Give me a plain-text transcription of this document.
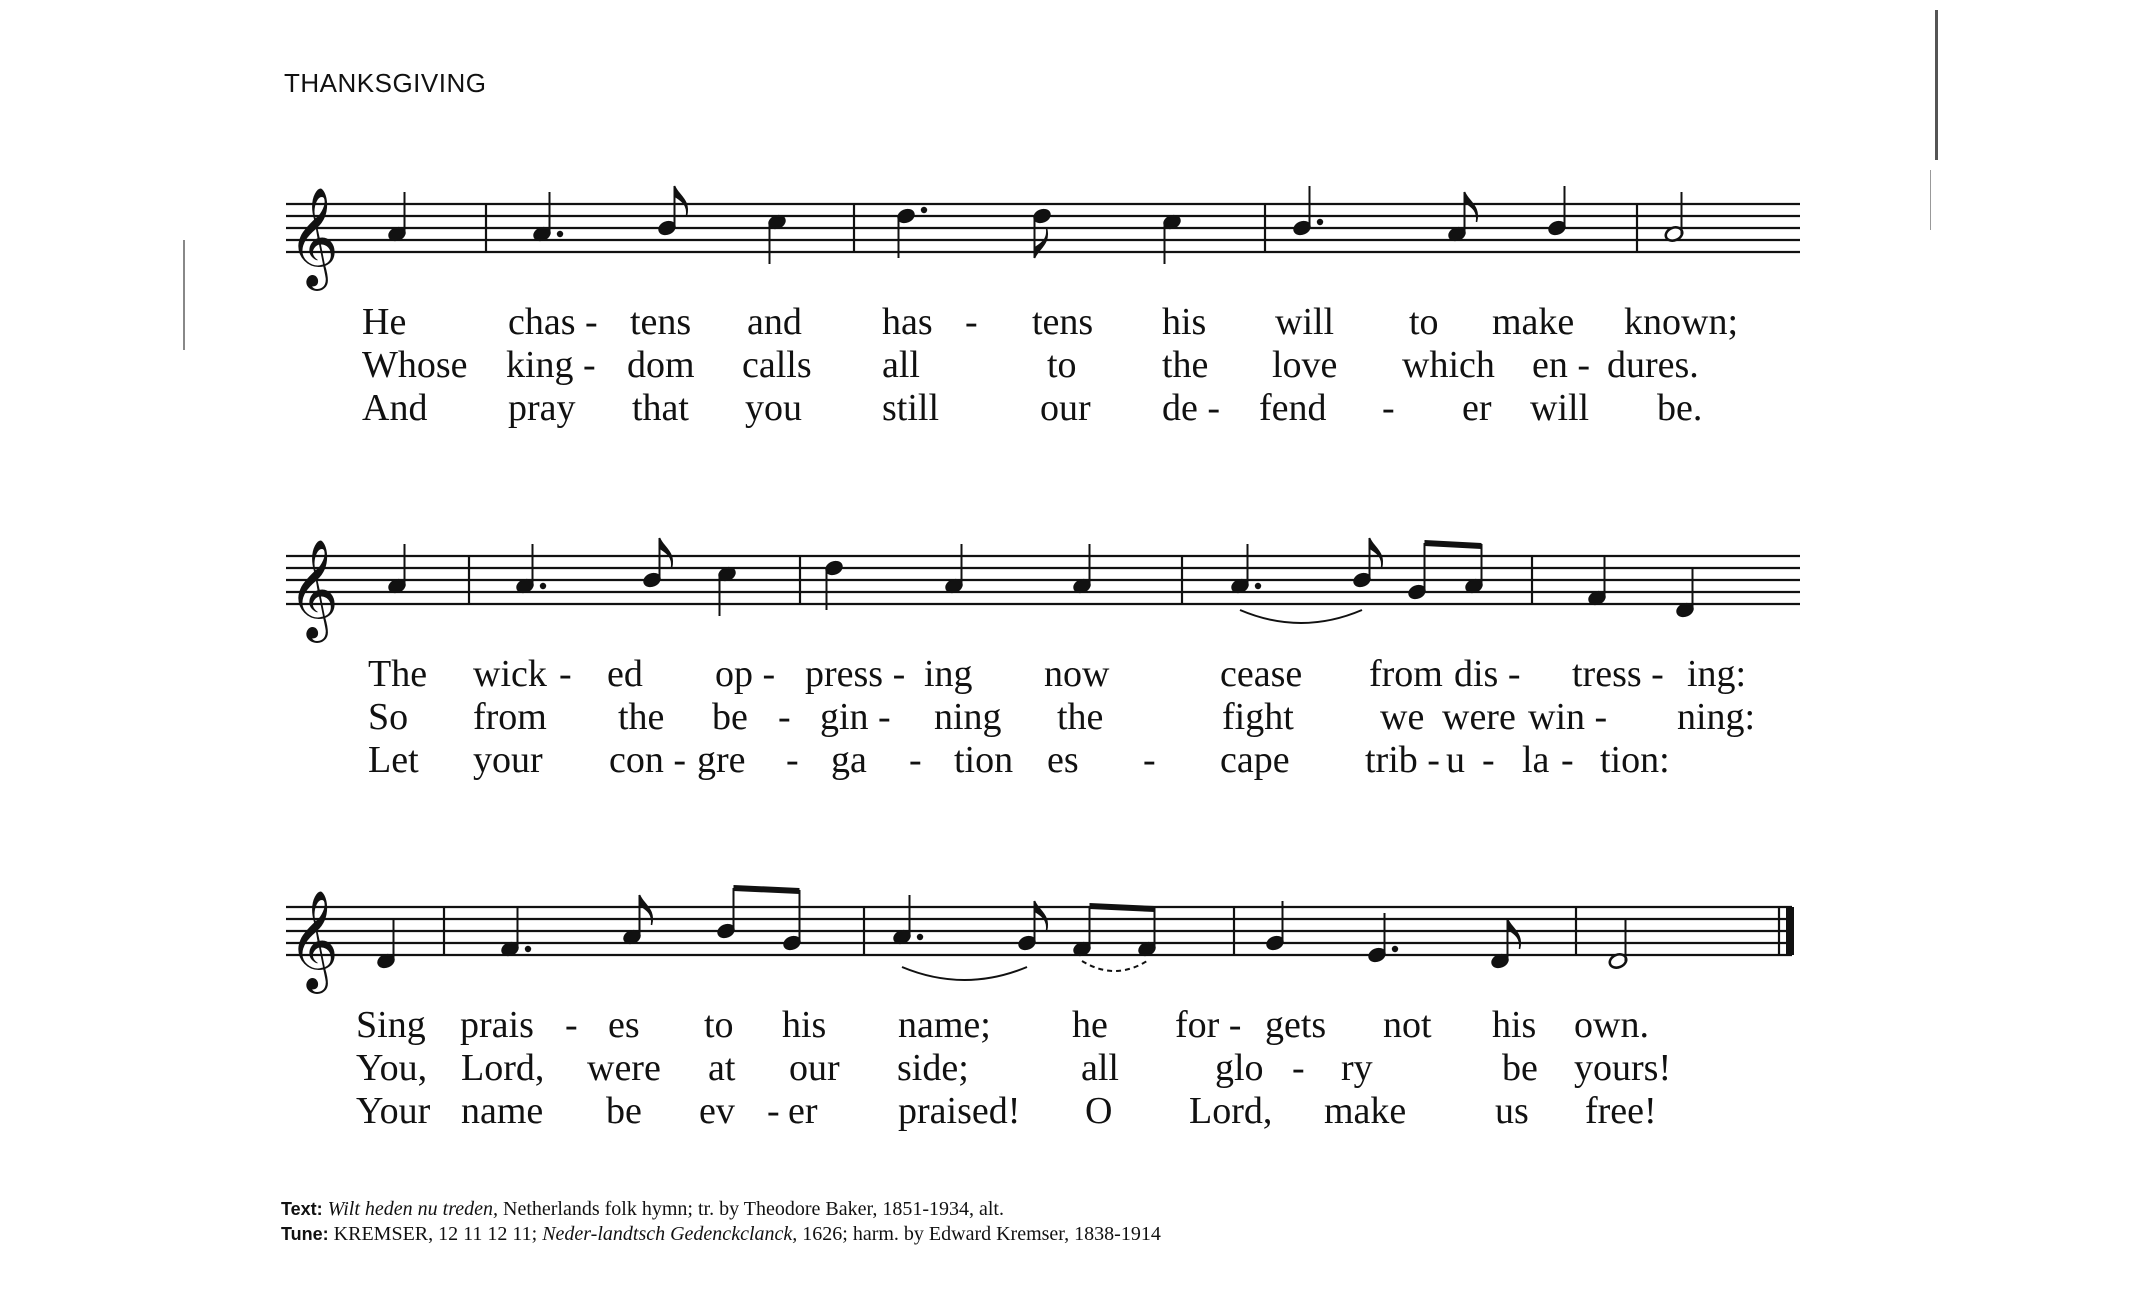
THANKSGIVING
𝄞
He	chas - tens and has - tens his will to make known;
Whose king - dom calls all	to the love which en - dures.
And pray that you still	our de - fend - er will be.
𝄞
The wick - ed op - press - ing now	cease from dis - tress - ing:
So from the be - gin - ning the	fight we were win - ning:
Let your con - gre - ga - tion es - cape trib - u - la - tion:
𝄞
Sing prais - es to his name; he for - gets not his own.
You, Lord, were at our side;	all	glo - ry	be yours!
Your name be ev - er praised! O Lord, make us free!
Text: Wilt heden nu treden, Netherlands folk hymn; tr. by Theodore Baker, 1851-1934, alt.
Tune: KREMSER, 12 11 12 11; Neder-landtsch Gedenckclanck, 1626; harm. by Edward Kremser, 1838-1914
